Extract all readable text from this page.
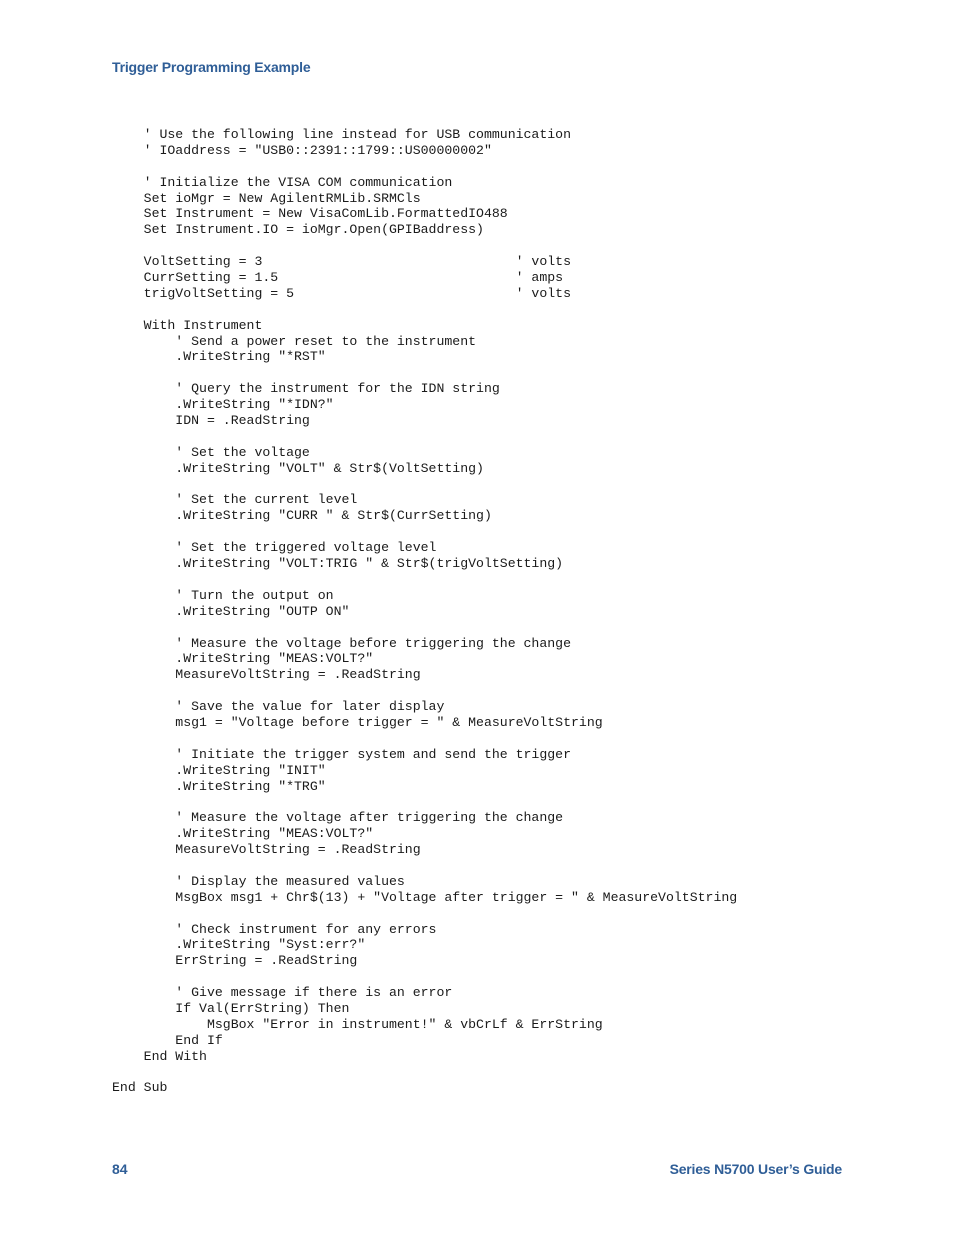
Trigger Programming Example
' Use the following line instead for USB communication
' IOaddress = "USB0::2391::1799::US00000002"
' Initialize the VISA COM communication
Set ioMgr = New AgilentRMLib.SRMCls
Set Instrument = New VisaComLib.FormattedIO488
Set Instrument.IO = ioMgr.Open(GPIBaddress)
VoltSetting = 3                                ' volts
CurrSetting = 1.5                              ' amps
trigVoltSetting = 5                            ' volts
With Instrument
' Send a power reset to the instrument
.WriteString "*RST"
' Query the instrument for the IDN string
.WriteString "*IDN?"
IDN = .ReadString
' Set the voltage
.WriteString "VOLT" & Str$(VoltSetting)
' Set the current level
.WriteString "CURR " & Str$(CurrSetting)
' Set the triggered voltage level
.WriteString "VOLT:TRIG " & Str$(trigVoltSetting)
' Turn the output on
.WriteString "OUTP ON"
' Measure the voltage before triggering the change
.WriteString "MEAS:VOLT?"
MeasureVoltString = .ReadString
' Save the value for later display
msg1 = "Voltage before trigger = " & MeasureVoltString
' Initiate the trigger system and send the trigger
.WriteString "INIT"
.WriteString "*TRG"
' Measure the voltage after triggering the change
.WriteString "MEAS:VOLT?"
MeasureVoltString = .ReadString
' Display the measured values
MsgBox msg1 + Chr$(13) + "Voltage after trigger = " & MeasureVoltString
' Check instrument for any errors
.WriteString "Syst:err?"
ErrString = .ReadString
' Give message if there is an error
If Val(ErrString) Then
MsgBox "Error in instrument!" & vbCrLf & ErrString
End If
End With
End Sub
84	Series N5700 User’s Guide
